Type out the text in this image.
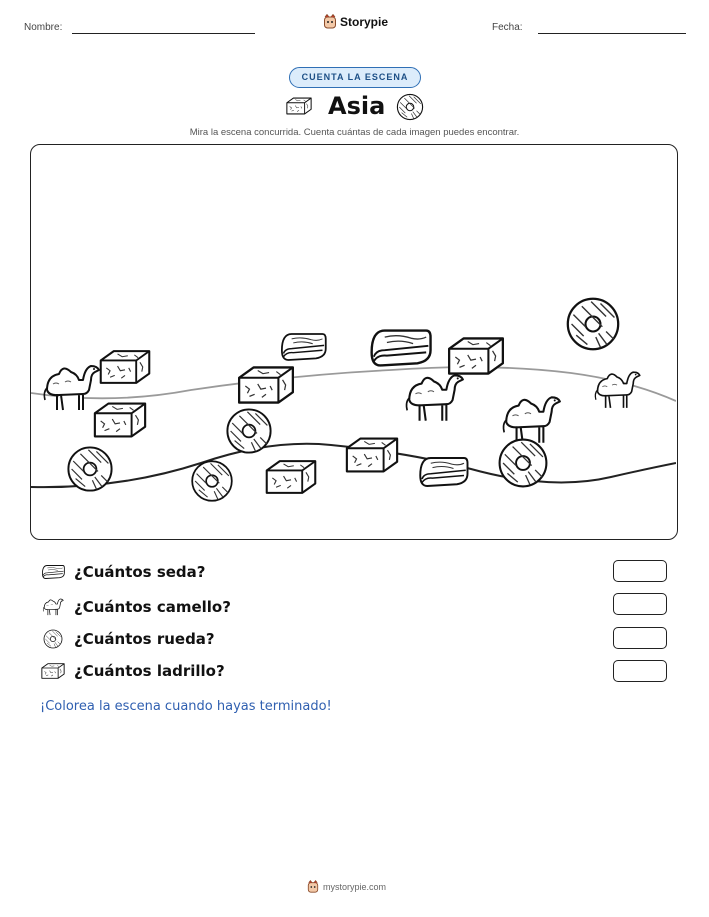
Nombre:	Storypie	Fecha:
CUENTA LA ESCENA
Asia
Mira la escena concurrida. Cuenta cuántas de cada imagen puedes encontrar.
¿Cuántos seda?
¿Cuántos camello?
¿Cuántos rueda?
¿Cuántos ladrillo?
¡Colorea la escena cuando hayas terminado!
mystorypie.com
